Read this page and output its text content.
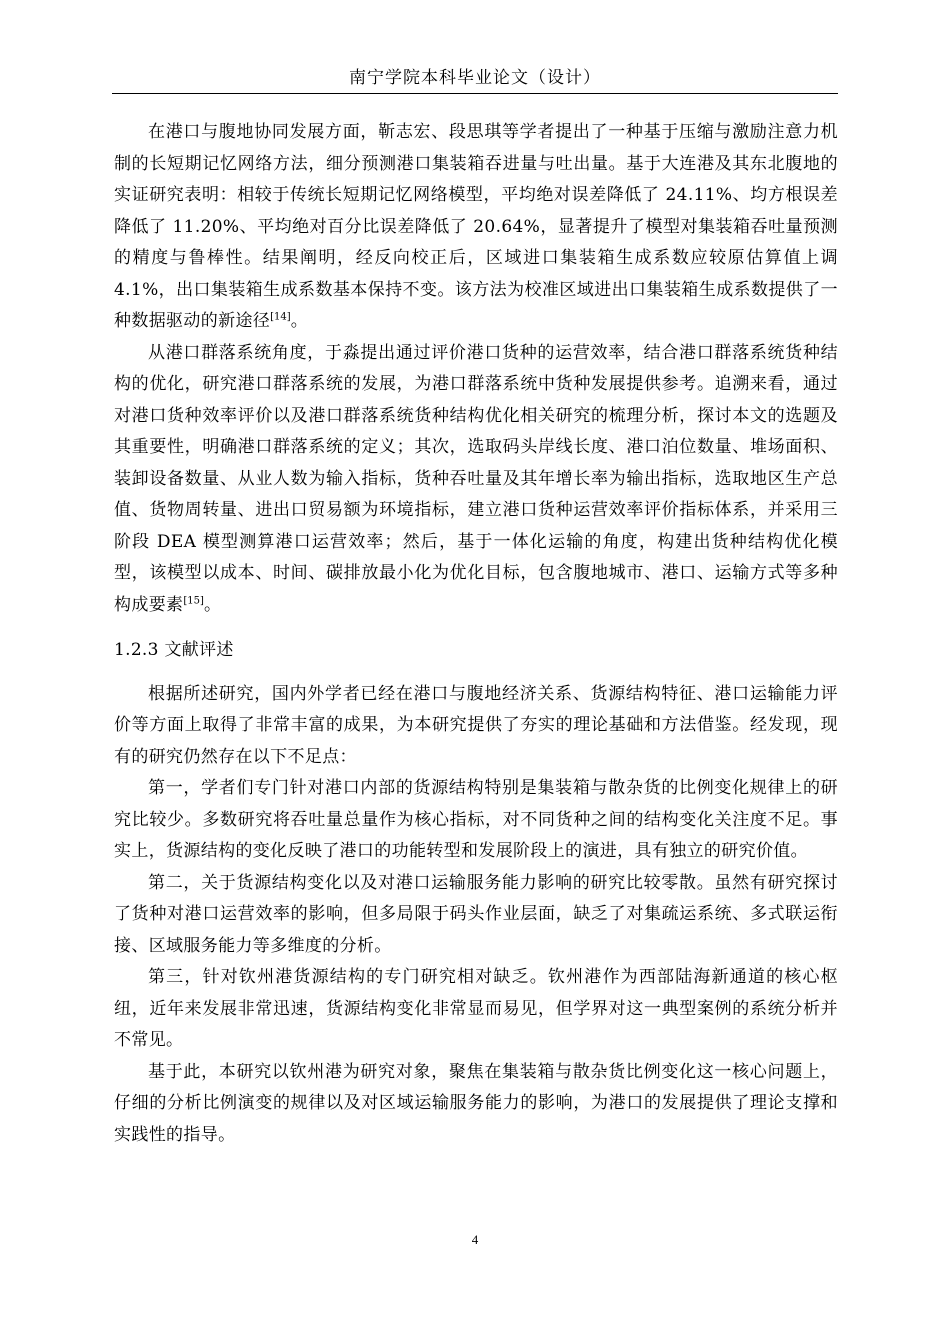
南宁学院本科毕业论文（设计）

在港口与腹地协同发展方面，靳志宏、段思琪等学者提出了一种基于压缩与激励注意力机制的长短期记忆网络方法，细分预测港口集装箱吞进量与吐出量。基于大连港及其东北腹地的实证研究表明：相较于传统长短期记忆网络模型，平均绝对误差降低了 24.11%、均方根误差降低了 11.20%、平均绝对百分比误差降低了 20.64%，显著提升了模型对集装箱吞吐量预测的精度与鲁棒性。结果阐明，经反向校正后，区域进口集装箱生成系数应较原估算值上调 4.1%，出口集装箱生成系数基本保持不变。该方法为校准区域进出口集装箱生成系数提供了一种数据驱动的新途径[14]。

从港口群落系统角度，于淼提出通过评价港口货种的运营效率，结合港口群落系统货种结构的优化，研究港口群落系统的发展，为港口群落系统中货种发展提供参考。追溯来看，通过对港口货种效率评价以及港口群落系统货种结构优化相关研究的梳理分析，探讨本文的选题及其重要性，明确港口群落系统的定义；其次，选取码头岸线长度、港口泊位数量、堆场面积、装卸设备数量、从业人数为输入指标，货种吞吐量及其年增长率为输出指标，选取地区生产总值、货物周转量、进出口贸易额为环境指标，建立港口货种运营效率评价指标体系，并采用三阶段 DEA 模型测算港口运营效率；然后，基于一体化运输的角度，构建出货种结构优化模型，该模型以成本、时间、碳排放最小化为优化目标，包含腹地城市、港口、运输方式等多种构成要素[15]。

1.2.3 文献评述

根据所述研究，国内外学者已经在港口与腹地经济关系、货源结构特征、港口运输能力评价等方面上取得了非常丰富的成果，为本研究提供了夯实的理论基础和方法借鉴。经发现，现有的研究仍然存在以下不足点：

第一，学者们专门针对港口内部的货源结构特别是集装箱与散杂货的比例变化规律上的研究比较少。多数研究将吞吐量总量作为核心指标，对不同货种之间的结构变化关注度不足。事实上，货源结构的变化反映了港口的功能转型和发展阶段上的演进，具有独立的研究价值。

第二，关于货源结构变化以及对港口运输服务能力影响的研究比较零散。虽然有研究探讨了货种对港口运营效率的影响，但多局限于码头作业层面，缺乏了对集疏运系统、多式联运衔接、区域服务能力等多维度的分析。

第三，针对钦州港货源结构的专门研究相对缺乏。钦州港作为西部陆海新通道的核心枢纽，近年来发展非常迅速，货源结构变化非常显而易见，但学界对这一典型案例的系统分析并不常见。

基于此，本研究以钦州港为研究对象，聚焦在集装箱与散杂货比例变化这一核心问题上，仔细的分析比例演变的规律以及对区域运输服务能力的影响，为港口的发展提供了理论支撑和实践性的指导。

4
